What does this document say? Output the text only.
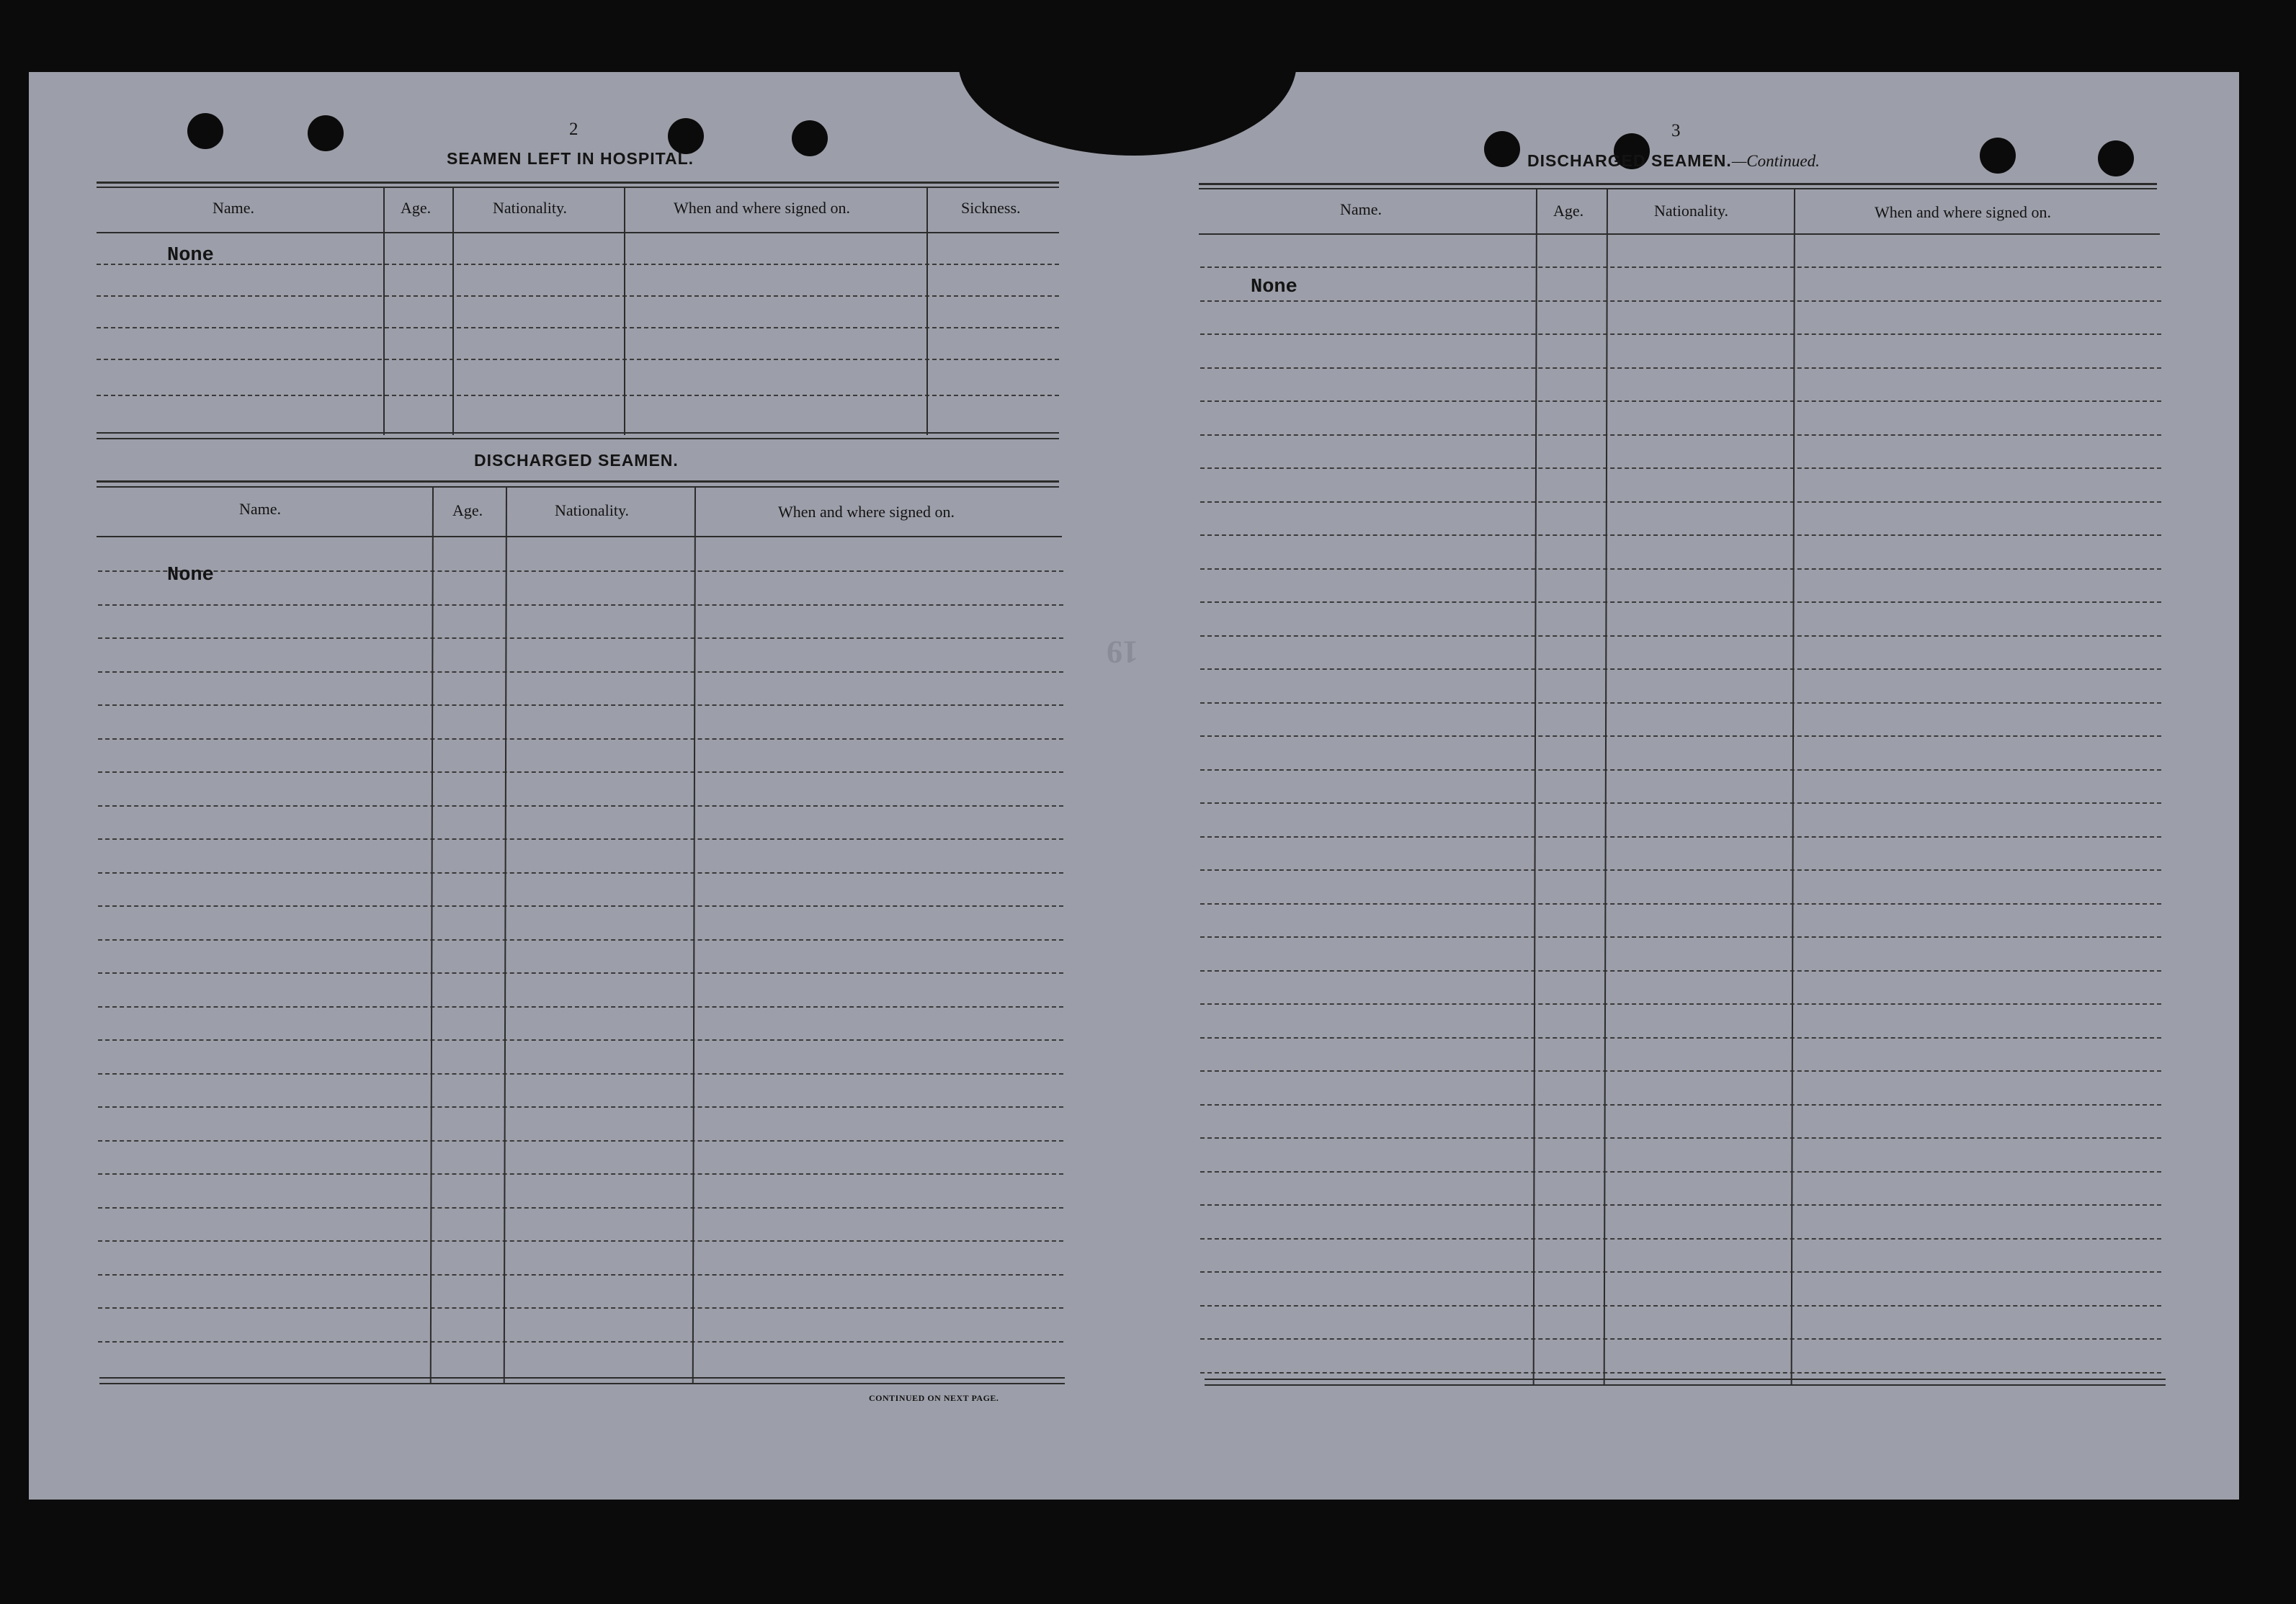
19
2
SEAMEN LEFT IN HOSPITAL.
Name.	Age.	Nationality.	When and where signed on.	Sickness.
None
DISCHARGED SEAMEN.
Name.	Age.	Nationality.	When and where signed on.
None
CONTINUED ON NEXT PAGE.
3
DISCHARGED SEAMEN.—Continued.
Name.	Age.	Nationality.	When and where signed on.
None
